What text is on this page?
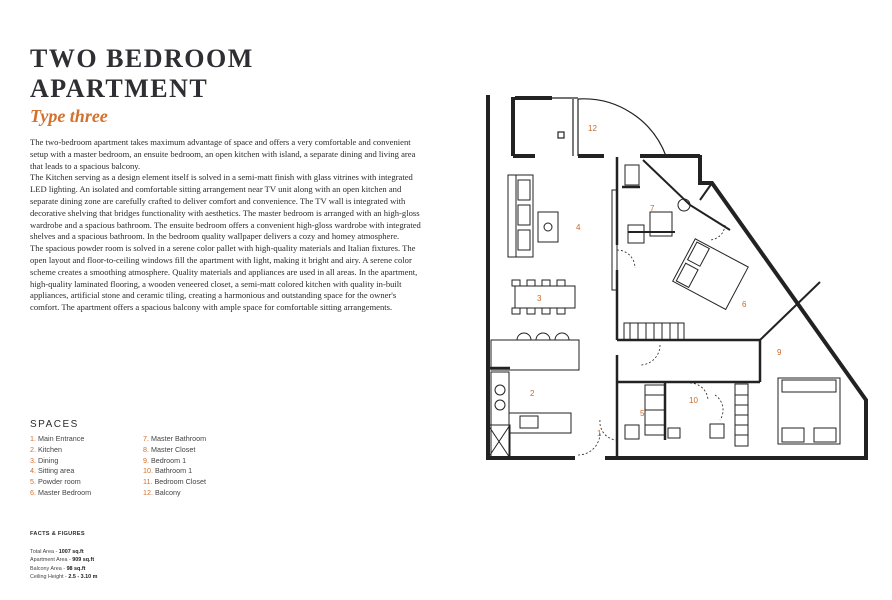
TWO BEDROOM
APARTMENT
Type three

The two-bedroom apartment takes maximum advantage of space and offers a very comfortable and convenient setup with a master bedroom, an ensuite bedroom, an open kitchen with island, a separate dining and living area that leads to a spacious balcony.

The Kitchen serving as a design element itself is solved in a semi-matt finish with glass vitrines with integrated LED lighting. An isolated and comfortable sitting arrangement near TV unit along with an open kitchen and separate dining zone are carefully crafted to deliver comfort and convenience. The TV wall is integrated with decorative shelving that bridges functionality with aesthetics. The master bedroom is arranged with an high-gloss wardrobe and a spacious bathroom. The ensuite bedroom offers a convenient high-gloss wardrobe with integrated shelves and a spacious bathroom. In the bedroom quality wallpaper delivers a cozy and homey atmosphere.

The spacious powder room is solved in a serene color pallet with high-quality materials and Italian fixtures. The open layout and floor-to-ceiling windows fill the apartment with light, making it bright and airy. A serene color scheme creates a smoothing atmosphere. Quality materials and appliances are used in all areas. In the apartment, high-quality laminated flooring, a wooden veneered closet, a semi-matt colored kitchen with quality in-built appliances, artificial stone and ceramic tiling, creating a harmonious and outstanding space for the owner's comfort. The apartment offers a spacious balcony with ample space for comfortable sitting arrangements.

SPACES
1. Main Entrance
2. Kitchen
3. Dining
4. Sitting area
5. Powder room
6. Master Bedroom
7. Master Bathroom
8. Master Closet
9. Bedroom 1
10. Bathroom 1
11. Bedroom Closet
12. Balcony
FACTS & FIGURES
Total Area - 1007 sq.ft
Apartment Area - 909 sq.ft
Balcony Area - 98 sq.ft
Ceiling Height - 2.5 - 3.10 m
1
2
3
4
5
6
7
9
10
12
